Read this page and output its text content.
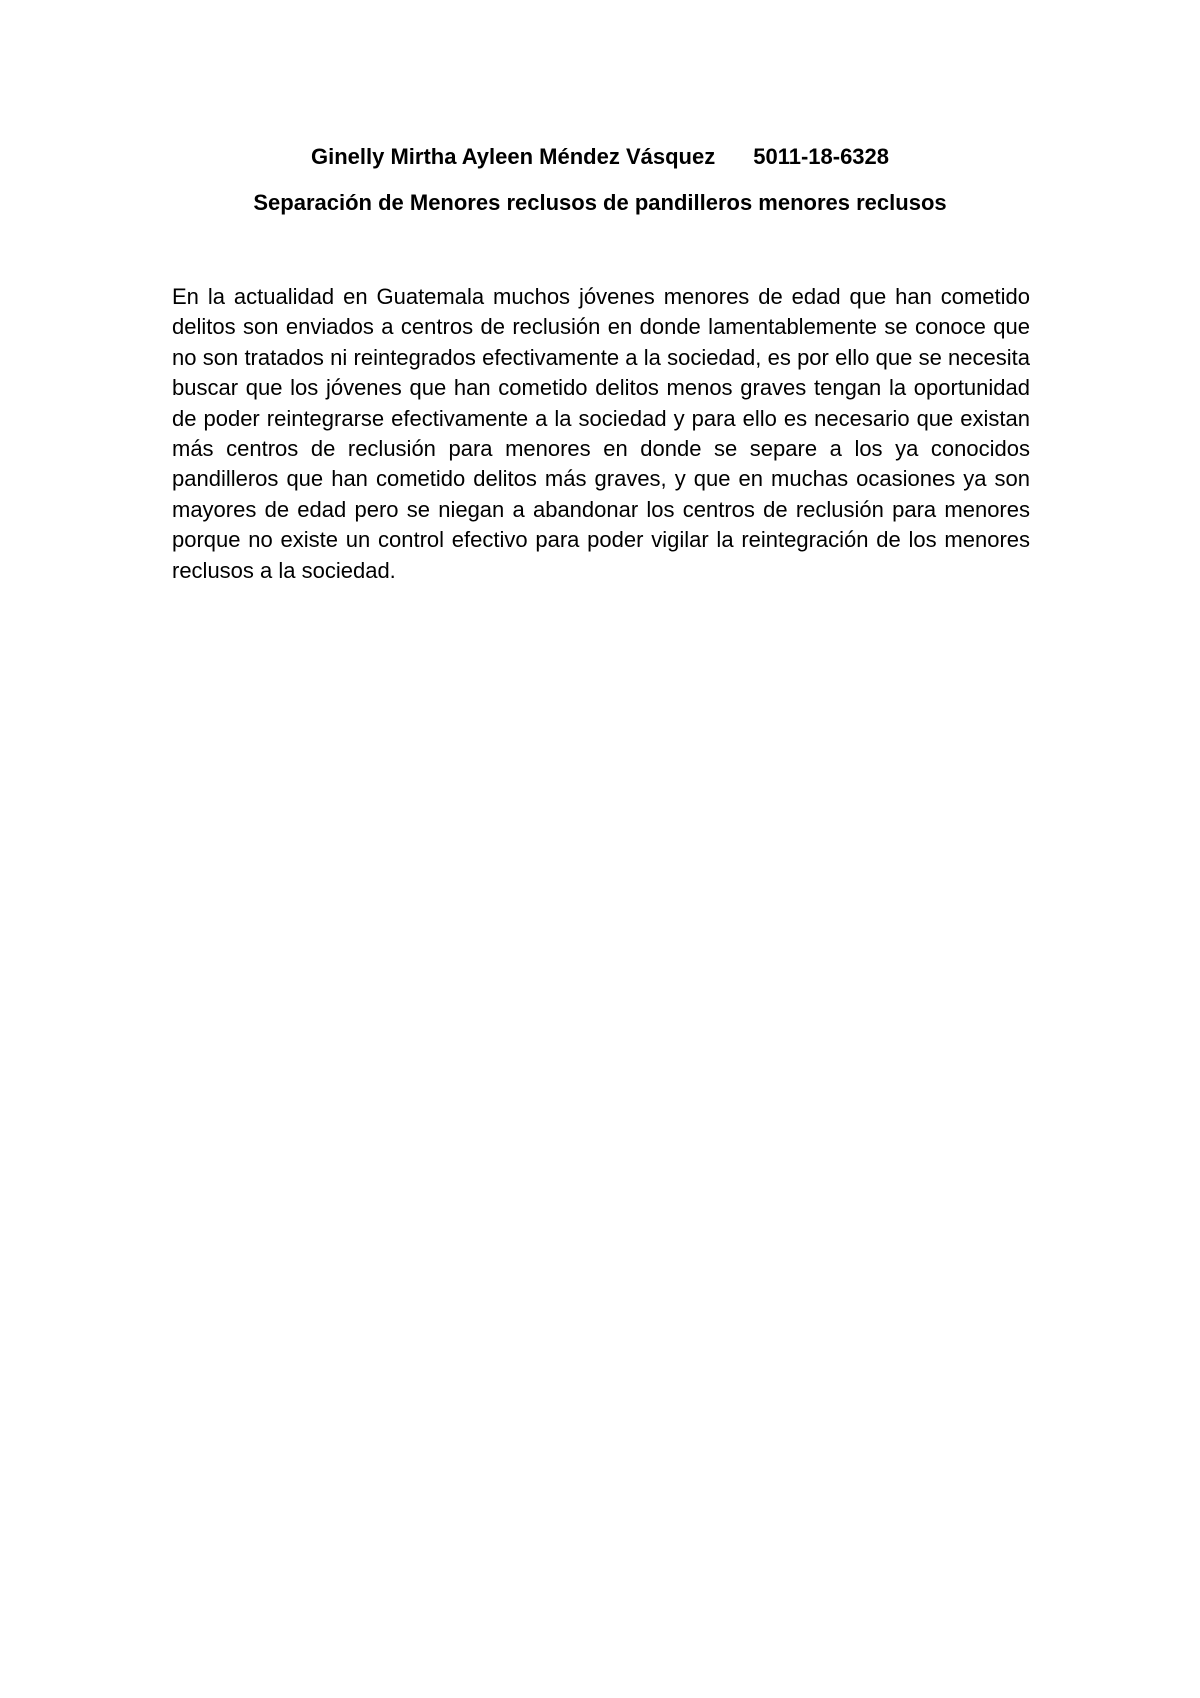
Ginelly Mirtha Ayleen Méndez Vásquez 5011-18-6328
Separación de Menores reclusos de pandilleros menores reclusos

En la actualidad en Guatemala muchos jóvenes menores de edad que han cometido delitos son enviados a centros de reclusión en donde lamentablemente se conoce que no son tratados ni reintegrados efectivamente a la sociedad, es por ello que se necesita buscar que los jóvenes que han cometido delitos menos graves tengan la oportunidad de poder reintegrarse efectivamente a la sociedad y para ello es necesario que existan más centros de reclusión para menores en donde se separe a los ya conocidos pandilleros que han cometido delitos más graves, y que en muchas ocasiones ya son mayores de edad pero se niegan a abandonar los centros de reclusión para menores porque no existe un control efectivo para poder vigilar la reintegración de los menores reclusos a la sociedad.
